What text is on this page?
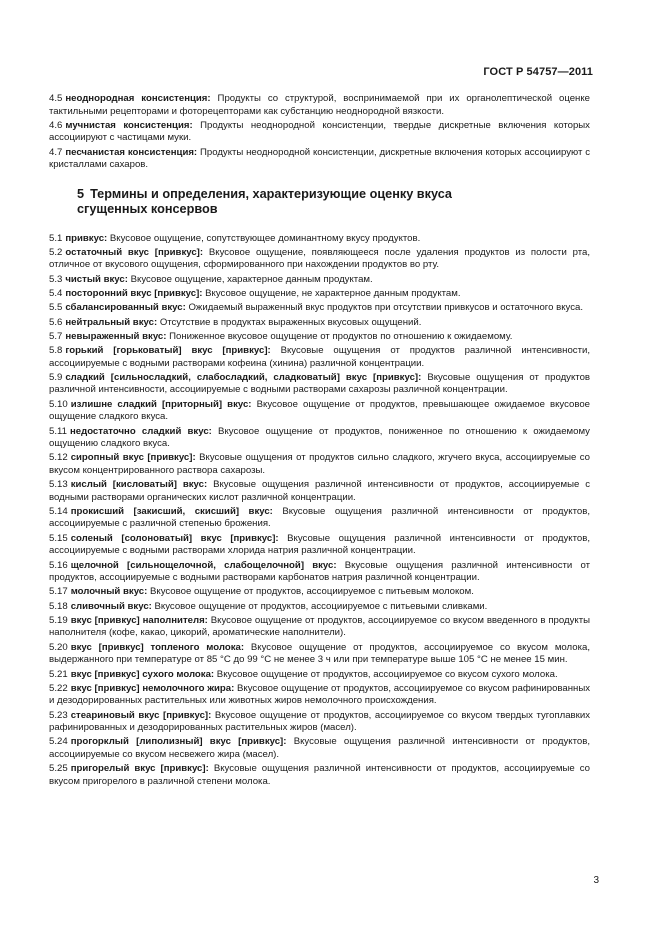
ГОСТ Р 54757—2011

4.5 неоднородная консистенция: Продукты со структурой, воспринимаемой при их органолептической оценке тактильными рецепторами и фоторецепторами как субстанцию неоднородной вязкости.

4.6 мучнистая консистенция: Продукты неоднородной консистенции, твердые дискретные включения которых ассоциируют с частицами муки.

4.7 песчанистая консистенция: Продукты неоднородной консистенции, дискретные включения которых ассоциируют с кристаллами сахаров.

5 Термины и определения, характеризующие оценку вкуса
сгущенных консервов

5.1 привкус: Вкусовое ощущение, сопутствующее доминантному вкусу продуктов.

5.2 остаточный вкус [привкус]: Вкусовое ощущение, появляющееся после удаления продуктов из полости рта, отличное от вкусового ощущения, сформированного при нахождении продуктов во рту.

5.3 чистый вкус: Вкусовое ощущение, характерное данным продуктам.

5.4 посторонний вкус [привкус]: Вкусовое ощущение, не характерное данным продуктам.

5.5 сбалансированный вкус: Ожидаемый выраженный вкус продуктов при отсутствии привкусов и остаточного вкуса.

5.6 нейтральный вкус: Отсутствие в продуктах выраженных вкусовых ощущений.

5.7 невыраженный вкус: Пониженное вкусовое ощущение от продуктов по отношению к ожидаемому.

5.8 горький [горьковатый] вкус [привкус]: Вкусовые ощущения от продуктов различной интенсивности, ассоциируемые с водными растворами кофеина (хинина) различной концентрации.

5.9 сладкий [сильносладкий, слабосладкий, сладковатый] вкус [привкус]: Вкусовые ощущения от продуктов различной интенсивности, ассоциируемые с водными растворами сахарозы различной концентрации.

5.10 излишне сладкий [приторный] вкус: Вкусовое ощущение от продуктов, превышающее ожидаемое вкусовое ощущение сладкого вкуса.

5.11 недостаточно сладкий вкус: Вкусовое ощущение от продуктов, пониженное по отношению к ожидаемому ощущению сладкого вкуса.

5.12 сиропный вкус [привкус]: Вкусовые ощущения от продуктов сильно сладкого, жгучего вкуса, ассоциируемые со вкусом концентрированного раствора сахарозы.

5.13 кислый [кисловатый] вкус: Вкусовые ощущения различной интенсивности от продуктов, ассоциируемые с водными растворами органических кислот различной концентрации.

5.14 прокисший [закисший, скисший] вкус: Вкусовые ощущения различной интенсивности от продуктов, ассоциируемые с различной степенью брожения.

5.15 соленый [солоноватый] вкус [привкус]: Вкусовые ощущения различной интенсивности от продуктов, ассоциируемые с водными растворами хлорида натрия различной концентрации.

5.16 щелочной [сильнощелочной, слабощелочной] вкус: Вкусовые ощущения различной интенсивности от продуктов, ассоциируемые с водными растворами карбонатов натрия различной концентрации.

5.17 молочный вкус: Вкусовое ощущение от продуктов, ассоциируемое с питьевым молоком.

5.18 сливочный вкус: Вкусовое ощущение от продуктов, ассоциируемое с питьевыми сливками.

5.19 вкус [привкус] наполнителя: Вкусовое ощущение от продуктов, ассоциируемое со вкусом введенного в продукты наполнителя (кофе, какао, цикорий, ароматические наполнители).

5.20 вкус [привкус] топленого молока: Вкусовое ощущение от продуктов, ассоциируемое со вкусом молока, выдержанного при температуре от 85 °С до 99 °С не менее 3 ч или при температуре выше 105 °С не менее 15 мин.

5.21 вкус [привкус] сухого молока: Вкусовое ощущение от продуктов, ассоциируемое со вкусом сухого молока.

5.22 вкус [привкус] немолочного жира: Вкусовое ощущение от продуктов, ассоциируемое со вкусом рафинированных и дезодорированных растительных или животных жиров немолочного происхождения.

5.23 стеариновый вкус [привкус]: Вкусовое ощущение от продуктов, ассоциируемое со вкусом твердых тугоплавких рафинированных и дезодорированных растительных жиров (масел).

5.24 прогорклый [липолизный] вкус [привкус]: Вкусовые ощущения различной интенсивности от продуктов, ассоциируемые со вкусом несвежего жира (масел).

5.25 пригорелый вкус [привкус]: Вкусовые ощущения различной интенсивности от продуктов, ассоциируемые со вкусом пригорелого в различной степени молока.

3
